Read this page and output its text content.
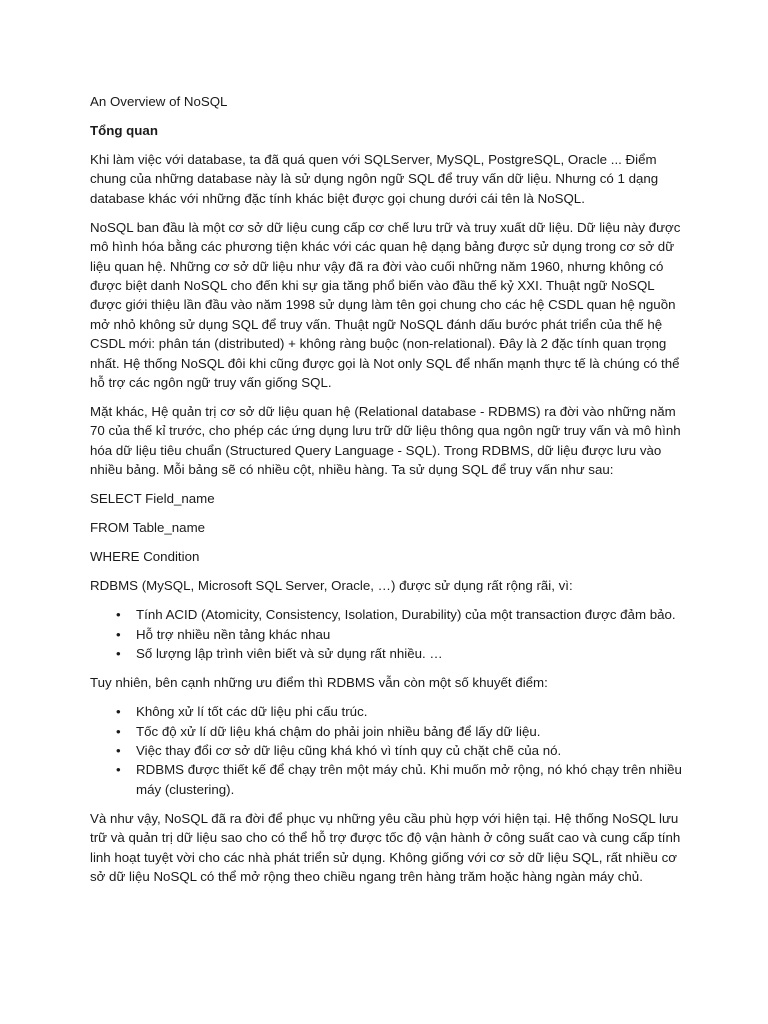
An Overview of NoSQL
Tổng quan
Khi làm việc với database, ta đã quá quen với SQLServer, MySQL, PostgreSQL, Oracle ... Điểm chung của những database này là sử dụng ngôn ngữ SQL để truy vấn dữ liệu. Nhưng có 1 dạng database khác với những đặc tính khác biệt được gọi chung dưới cái tên là NoSQL.
NoSQL ban đầu là một cơ sở dữ liệu cung cấp cơ chế lưu trữ và truy xuất dữ liệu. Dữ liệu này được mô hình hóa bằng các phương tiện khác với các quan hệ dạng bảng được sử dụng trong cơ sở dữ liệu quan hệ. Những cơ sở dữ liệu như vậy đã ra đời vào cuối những năm 1960, nhưng không có được biệt danh NoSQL cho đến khi sự gia tăng phổ biến vào đầu thế kỷ XXI. Thuật ngữ NoSQL được giới thiệu lần đầu vào năm 1998 sử dụng làm tên gọi chung cho các hệ CSDL quan hệ nguồn mở nhỏ không sử dụng SQL để truy vấn. Thuật ngữ NoSQL đánh dấu bước phát triển của thế hệ CSDL mới: phân tán (distributed) + không ràng buộc (non-relational). Đây là 2 đặc tính quan trọng nhất. Hệ thống NoSQL đôi khi cũng được gọi là Not only SQL để nhấn mạnh thực tế là chúng có thể hỗ trợ các ngôn ngữ truy vấn giống SQL.
Mặt khác, Hệ quản trị cơ sở dữ liệu quan hệ (Relational database - RDBMS) ra đời vào những năm 70 của thế kỉ trước, cho phép các ứng dụng lưu trữ dữ liệu thông qua ngôn ngữ truy vấn và mô hình hóa dữ liệu tiêu chuẩn (Structured Query Language - SQL). Trong RDBMS, dữ liệu được lưu vào nhiều bảng. Mỗi bảng sẽ có nhiều cột, nhiều hàng. Ta sử dụng SQL để truy vấn như sau:
SELECT Field_name
FROM Table_name
WHERE Condition
RDBMS (MySQL, Microsoft SQL Server, Oracle, …) được sử dụng rất rộng rãi, vì:
• Tính ACID (Atomicity, Consistency, Isolation, Durability) của một transaction được đảm bảo.
• Hỗ trợ nhiều nền tảng khác nhau
• Số lượng lập trình viên biết và sử dụng rất nhiều. …
Tuy nhiên, bên cạnh những ưu điểm thì RDBMS vẫn còn một số khuyết điểm:
• Không xử lí tốt các dữ liệu phi cấu trúc.
• Tốc độ xử lí dữ liệu khá chậm do phải join nhiều bảng để lấy dữ liệu.
• Việc thay đổi cơ sở dữ liệu cũng khá khó vì tính quy củ chặt chẽ của nó.
• RDBMS được thiết kế để chạy trên một máy chủ. Khi muốn mở rộng, nó khó chạy trên nhiều máy (clustering).
Và như vậy, NoSQL đã ra đời để phục vụ những yêu cầu phù hợp với hiện tại. Hệ thống NoSQL lưu trữ và quản trị dữ liệu sao cho có thể hỗ trợ được tốc độ vận hành ở công suất cao và cung cấp tính linh hoạt tuyệt vời cho các nhà phát triển sử dụng. Không giống với cơ sở dữ liệu SQL, rất nhiều cơ sở dữ liệu NoSQL có thể mở rộng theo chiều ngang trên hàng trăm hoặc hàng ngàn máy chủ.
